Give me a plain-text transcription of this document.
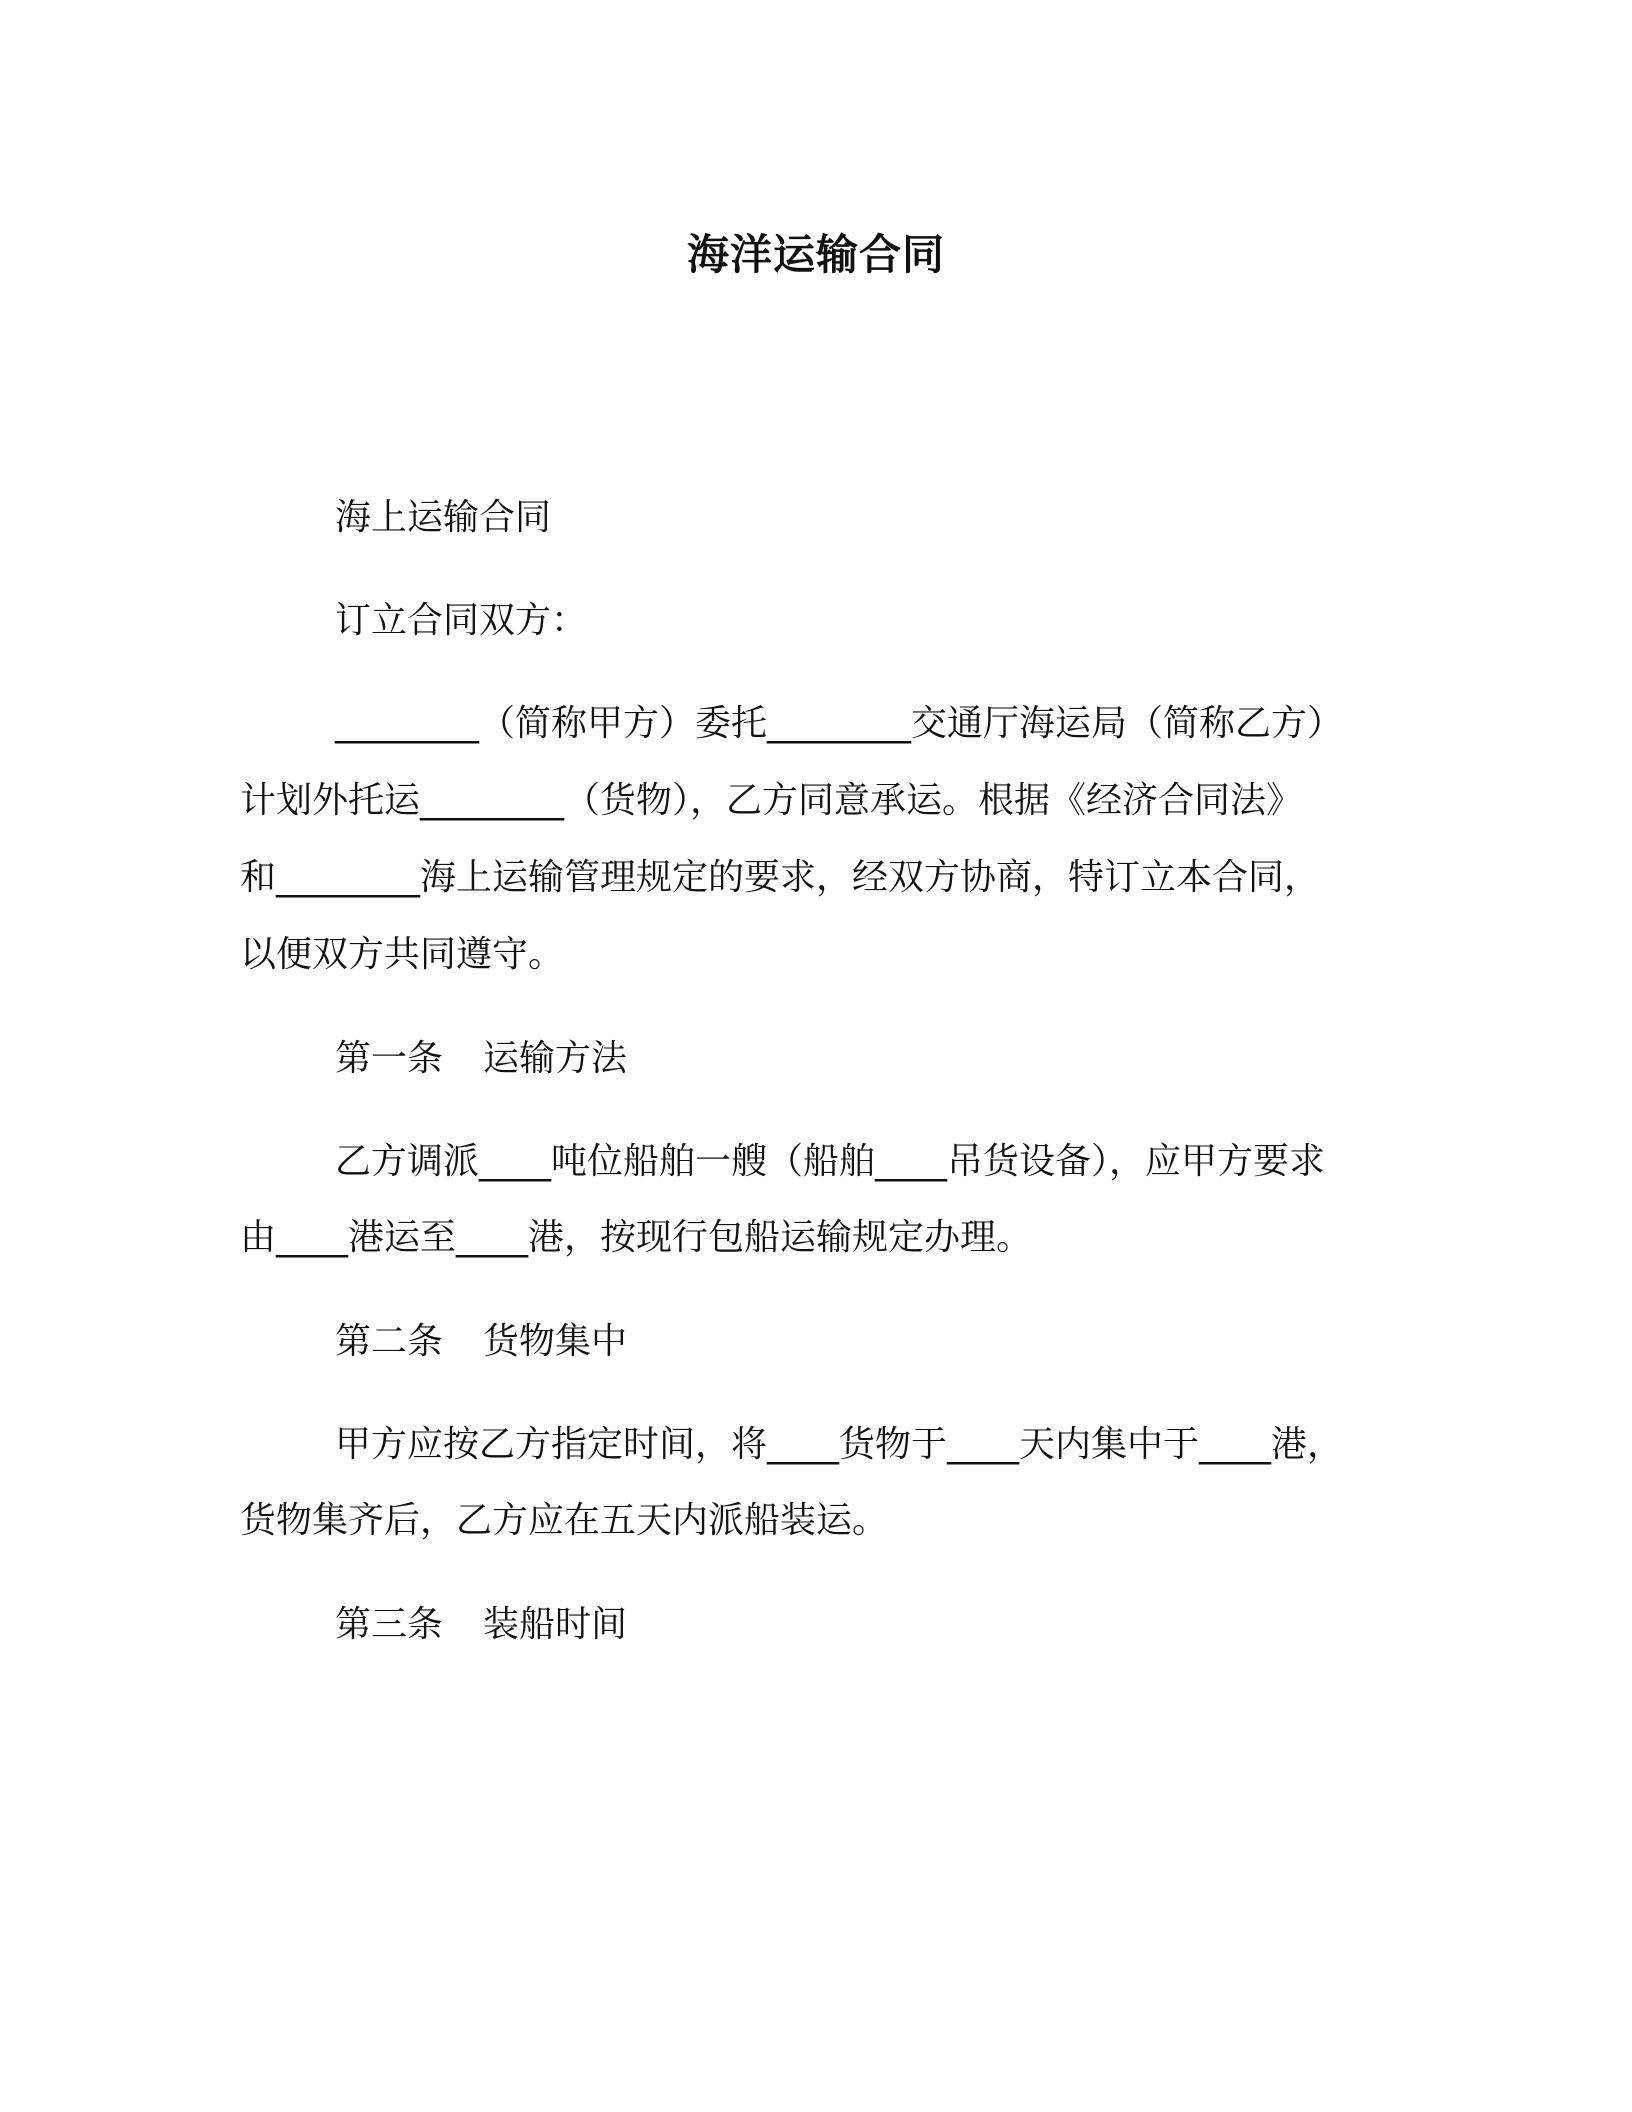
海洋运输合同

海上运输合同

订立合同双方：

________（简称甲方）委托________交通厅海运局（简称乙方）

计划外托运________（货物），乙方同意承运。根据《经济合同法》

和________海上运输管理规定的要求，经双方协商，特订立本合同，

以便双方共同遵守。

第一条 运输方法

乙方调派____吨位船舶一艘（船舶____吊货设备），应甲方要求

由____港运至____港，按现行包船运输规定办理。

第二条 货物集中

甲方应按乙方指定时间，将____货物于____天内集中于____港，

货物集齐后，乙方应在五天内派船装运。

第三条 装船时间
